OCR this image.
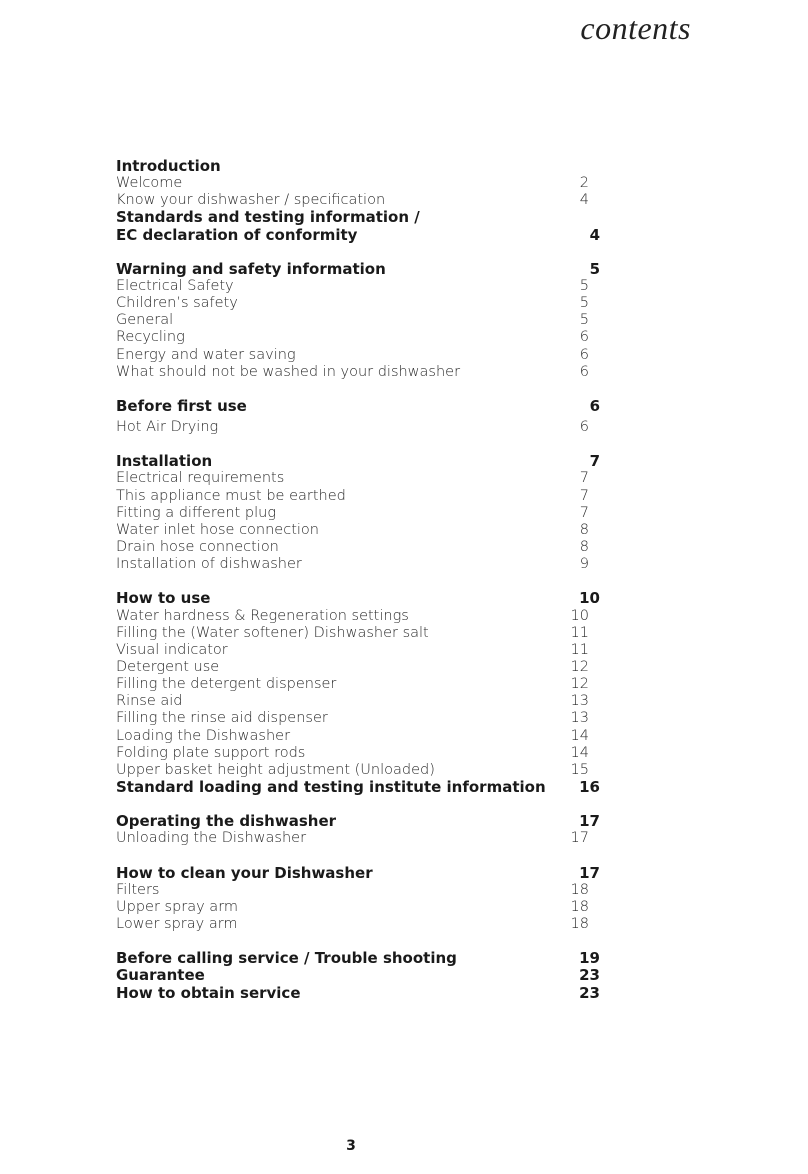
contents
Introduction
Welcome	2
Know your dishwasher / specification	4
Standards and testing information /
EC declaration of conformity	4
Warning and safety information	5
Electrical Safety	5
Children’s safety	5
General	5
Recycling	6
Energy and water saving	6
What should not be washed in your dishwasher	6
Before first use	6
Hot Air Drying	6
Installation	7
Electrical requirements	7
This appliance must be earthed	7
Fitting a different plug	7
Water inlet hose connection	8
Drain hose connection	8
Installation of dishwasher	9
How to use	10
Water hardness & Regeneration settings	10
Filling the (Water softener) Dishwasher salt	11
Visual indicator	11
Detergent use	12
Filling the detergent dispenser	12
Rinse aid	13
Filling the rinse aid dispenser	13
Loading the Dishwasher	14
Folding plate support rods	14
Upper basket height adjustment (Unloaded)	15
Standard loading and testing institute information 16
Operating the dishwasher	17
Unloading the Dishwasher	17
How to clean your Dishwasher	17
Filters	18
Upper spray arm	18
Lower spray arm	18
Before calling service / Trouble shooting	19
Guarantee	23
How to obtain service	23
3
